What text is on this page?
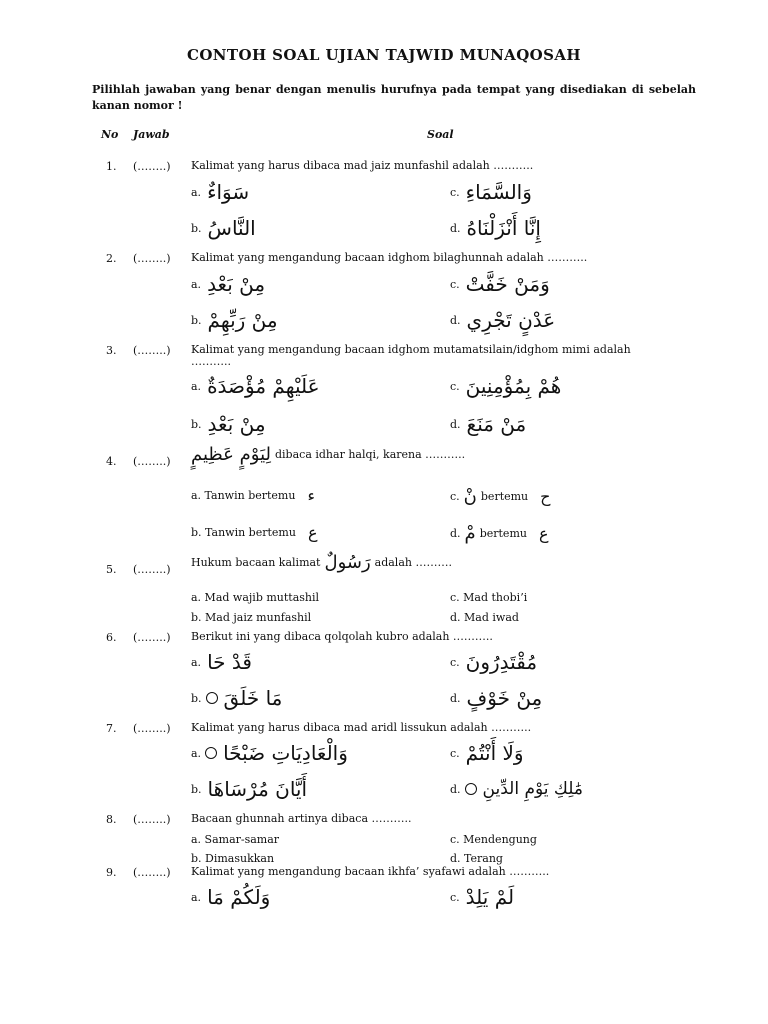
CONTOH SOAL UJIAN TAJWID MUNAQOSAH
Pilihlah jawaban yang benar dengan menulis hurufnya pada tempat yang disediakan di sebelah kanan nomor !
No Jawab	Soal
1. (……..) Kalimat yang harus dibaca mad jaiz munfashil adalah ………..
a. سَوَاءٌ	c. وَالسَّمَاءِ
b. النَّاسُ	d. إِنَّا أَنْزَلْنَاهُ
2. (……..) Kalimat yang mengandung bacaan idghom bilaghunnah adalah ………..
a. مِنْ بَعْدِ	c. وَمَنْ خَفَّتْ
b. مِنْ رَبِّهِمْ	d. عَدْنٍ تَجْرِي
3. (……..) Kalimat yang mengandung bacaan idghom mutamatsilain/idghom mimi adalah ………..
a. عَلَيْهِمْ مُؤْصَدَةٌ	c. هُمْ بِمُؤْمِنِينَ
b. مِنْ بَعْدِ	d. مَنْ مَنَعَ
4. (……..) لِيَوْمٍ عَظِيمٍ dibaca idhar halqi, karena ………..
a. Tanwin bertemu ء	c. نْ bertemu ح
b. Tanwin bertemu ع	d. مْ bertemu ع
5. (……..)
Hukum bacaan kalimat رَسُولٌ adalah ……….
a. Mad wajib muttashil	c. Mad thobi’i
b. Mad jaiz munfashil	d. Mad iwad
6. (……..) Berikut ini yang dibaca qolqolah kubro adalah ………..
a. قَدْ حَا	c. مُقْتَدِرُونَ
b. ○ مَا خَلَقَ	d. مِنْ خَوْفٍ
7. (……..) Kalimat yang harus dibaca mad aridl lissukun adalah ………..
a. ○ وَالْعَادِيَاتِ ضَبْحًا	c. وَلَا أَنْتُمْ
b. أَيَّانَ مُرْسَاهَا	d. ○ مَٰلِكِ يَوْمِ الدِّينِ
8. (……..) Bacaan ghunnah artinya dibaca ………..
a. Samar-samar	c. Mendengung
b. Dimasukkan	d. Terang
9. (……..) Kalimat yang mengandung bacaan ikhfa’ syafawi adalah ………..
a. وَلَكُمْ مَا	c. لَمْ يَلِدْ
